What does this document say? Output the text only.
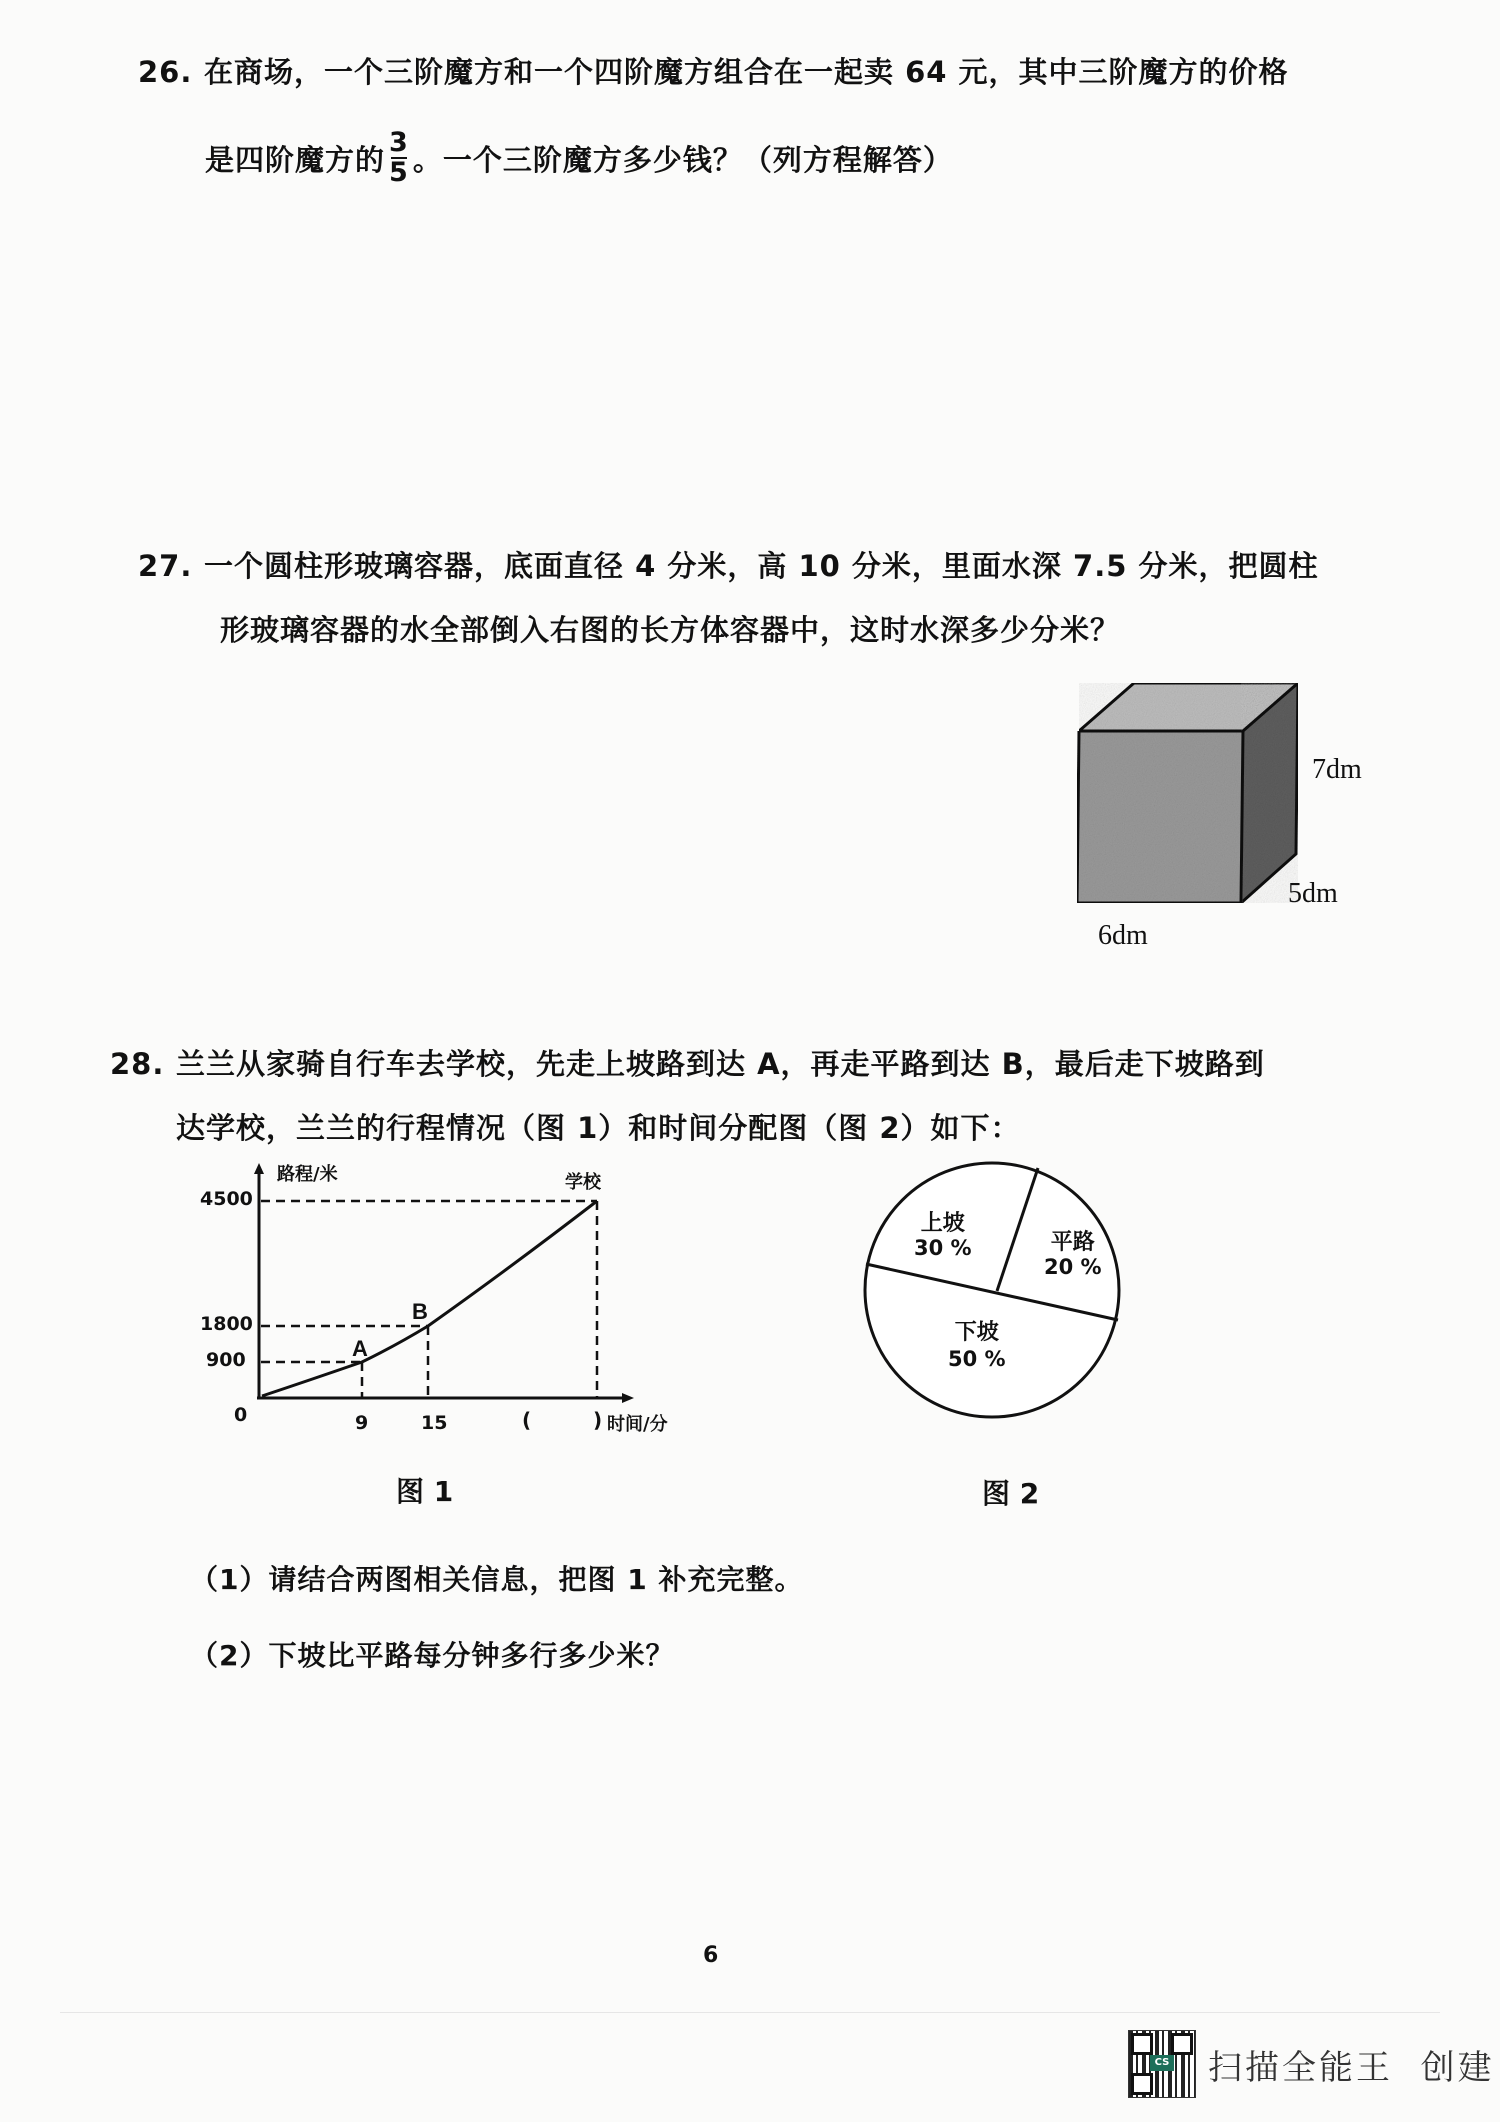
26. 在商场，一个三阶魔方和一个四阶魔方组合在一起卖 64 元，其中三阶魔方的价格
是四阶魔方的 $\frac{3}{5}$ 。一个三阶魔方多少钱？（列方程解答）
27. 一个圆柱形玻璃容器，底面直径 4 分米，高 10 分米，里面水深 7.5 分米，把圆柱
形玻璃容器的水全部倒入右图的长方体容器中，这时水深多少分米？
7dm
5dm
6dm
28. 兰兰从家骑自行车去学校，先走上坡路到达 A，再走平路到达 B，最后走下坡路到
达学校，兰兰的行程情况（图 1）和时间分配图（图 2）如下：
A
B
路程/米	学校
4500
1800
900
0	9	15	(	) 时间/分
上坡
30 %	平路
20 %
下坡
50 %
图 1	图 2
（1）请结合两图相关信息，把图 1 补充完整。
（2）下坡比平路每分钟多行多少米？
6
CS 扫描全能王  创建
